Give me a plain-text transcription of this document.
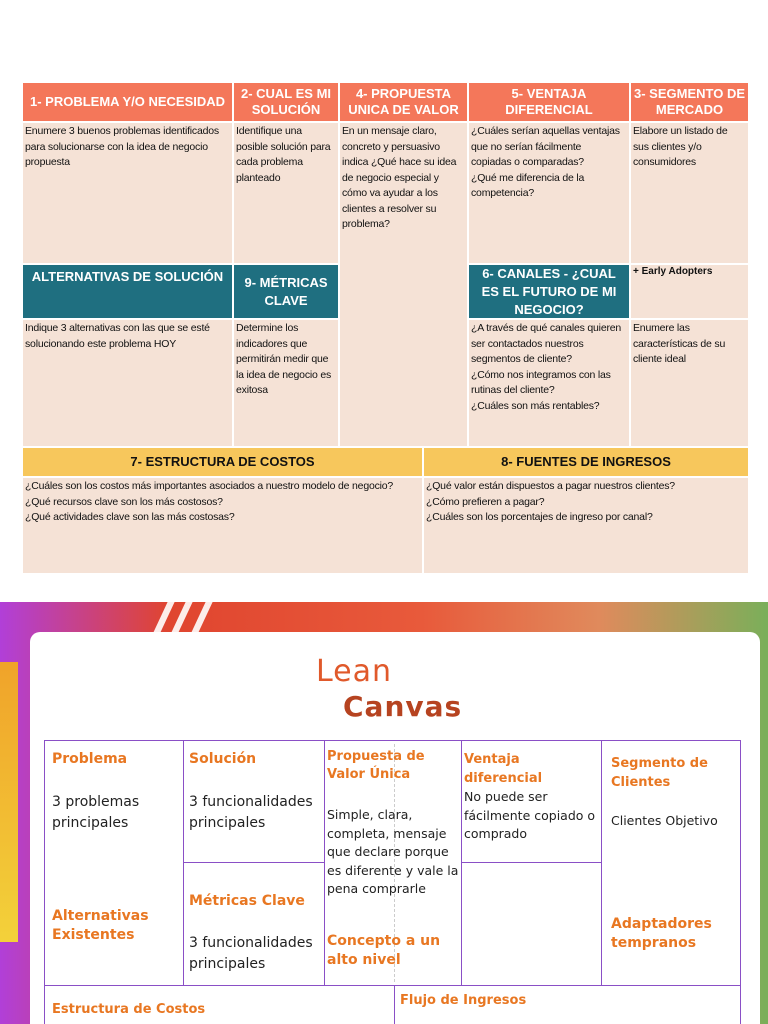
1- PROBLEMA Y/O NECESIDAD
2- CUAL ES MI SOLUCIÓN
4- PROPUESTA UNICA DE VALOR
5- VENTAJA DIFERENCIAL
3- SEGMENTO DE MERCADO
Enumere 3 buenos problemas identificados
para solucionarse con la idea de negocio
propuesta
Identifique una
posible solución para
cada problema
planteado
En un mensaje claro,
concreto y persuasivo
indica ¿Qué hace su idea
de negocio especial y
cómo va ayudar a los
clientes a resolver su
problema?
¿Cuáles serían aquellas ventajas
que no serían fácilmente
copiadas o comparadas?
¿Qué me diferencia de la
competencia?
Elabore un listado de
sus clientes y/o
consumidores
ALTERNATIVAS DE SOLUCIÓN	9- MÉTRICAS CLAVE
6- CANALES - ¿CUAL ES EL FUTURO DE MI NEGOCIO?
+ Early Adopters
Indique 3 alternativas con las que se esté
solucionando este problema HOY
Determine los
indicadores que
permitirán medir que
la idea de negocio es
exitosa
¿A través de qué canales quieren
ser contactados nuestros
segmentos de cliente?
¿Cómo nos integramos con las
rutinas del cliente?
¿Cuáles son más rentables?
Enumere las
características de su
cliente ideal
7- ESTRUCTURA DE COSTOS	8- FUENTES DE INGRESOS
¿Cuáles son los costos más importantes asociados a nuestro modelo de negocio?
¿Qué recursos clave son los más costosos?
¿Qué actividades clave son las más costosas?
¿Qué valor están dispuestos a pagar nuestros clientes?
¿Cómo prefieren a pagar?
¿Cuáles son los porcentajes de ingreso por canal?
Lean
Canvas
Problema
3 problemas principales
Alternativas Existentes
Solución
3 funcionalidades principales
Métricas Clave
3 funcionalidades principales
Propuesta de Valor Única
Simple, clara, completa, mensaje que declare porque es diferente y vale la pena comprarle
Concepto a un alto nivel
Ventaja diferencial
No puede ser fácilmente copiado o comprado
Segmento de Clientes
Clientes Objetivo
Adaptadores tempranos
Estructura de Costos
Flujo de Ingresos
